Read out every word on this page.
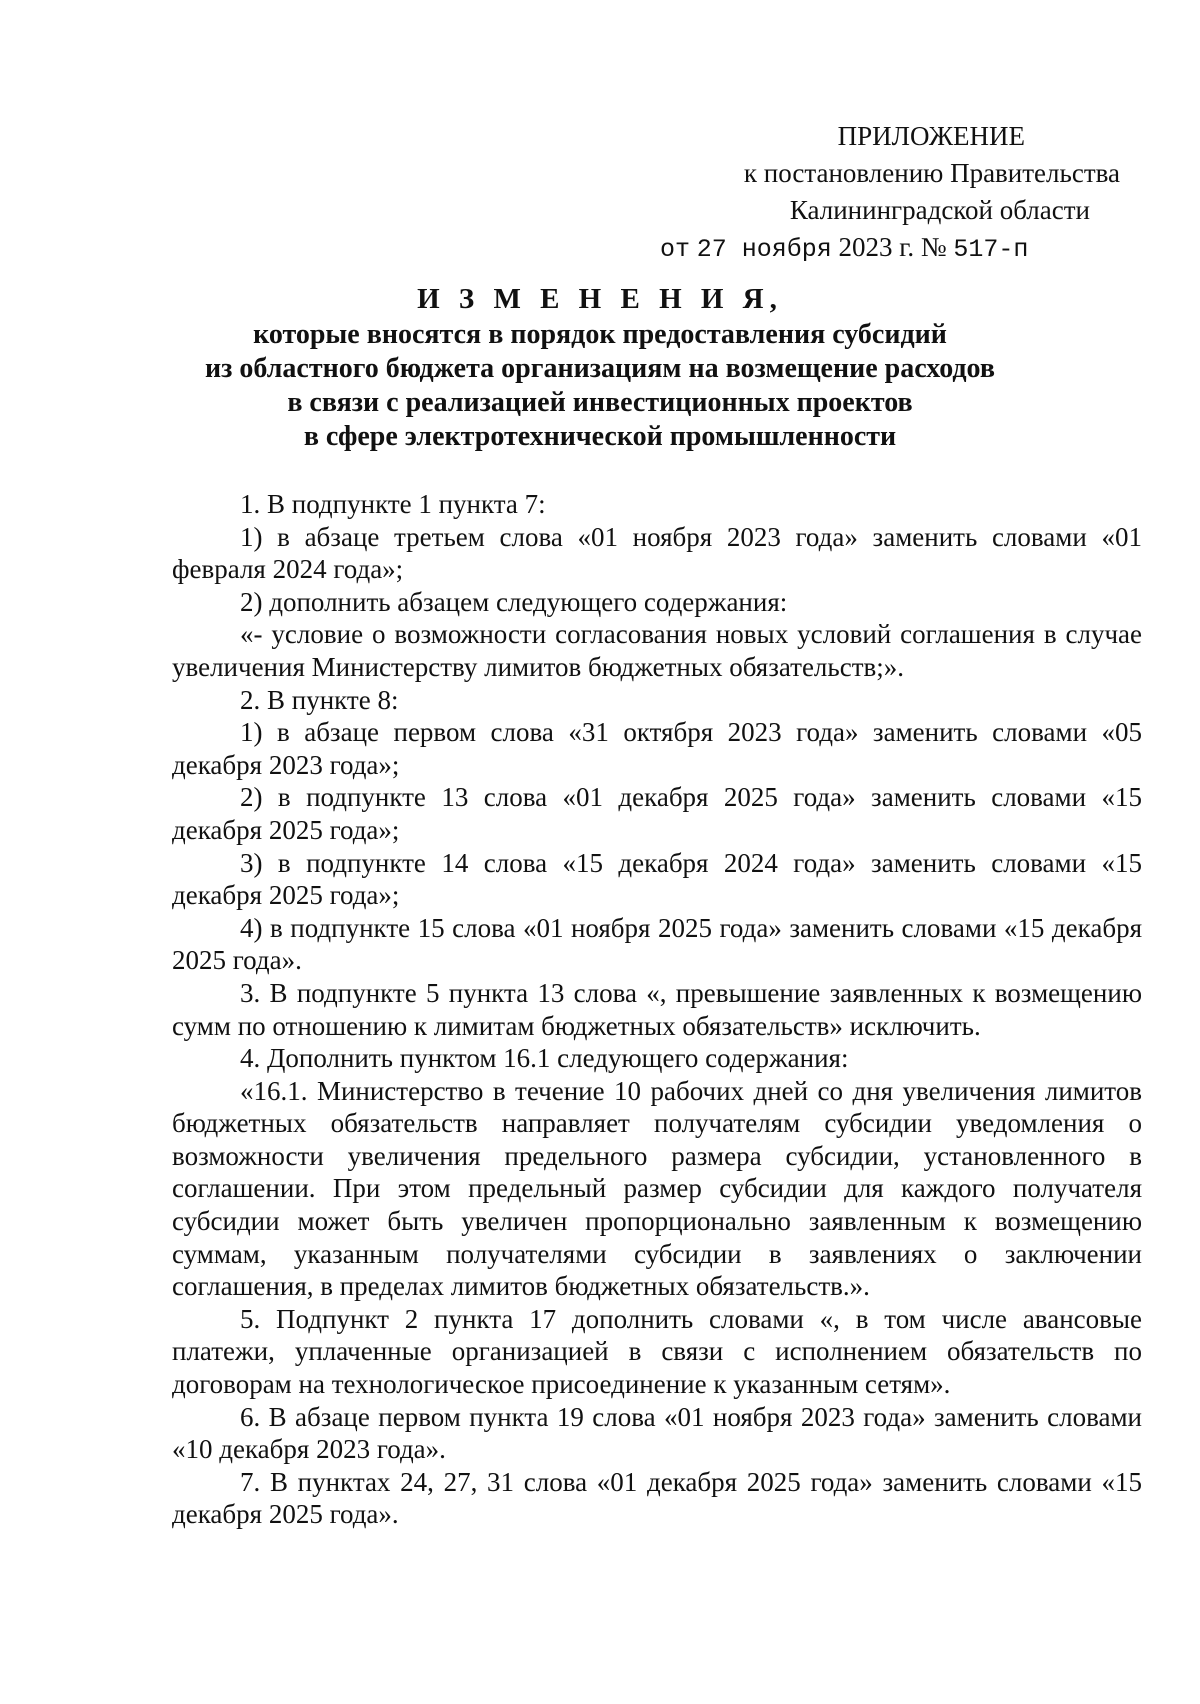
ПРИЛОЖЕНИЕ
к постановлению Правительства
Калининградской области
от 27 ноября 2023 г. № 517-п
И З М Е Н Е Н И Я,
которые вносятся в порядок предоставления субсидий
из областного бюджета организациям на возмещение расходов
в связи с реализацией инвестиционных проектов
в сфере электротехнической промышленности

1. В подпункте 1 пункта 7:

1) в абзаце третьем слова «01 ноября 2023 года» заменить словами «01 февраля 2024 года»;

2) дополнить абзацем следующего содержания:

«- условие о возможности согласования новых условий соглашения в случае увеличения Министерству лимитов бюджетных обязательств;».

2. В пункте 8:

1) в абзаце первом слова «31 октября 2023 года» заменить словами «05 декабря 2023 года»;

2) в подпункте 13 слова «01 декабря 2025 года» заменить словами «15 декабря 2025 года»;

3) в подпункте 14 слова «15 декабря 2024 года» заменить словами «15 декабря 2025 года»;

4) в подпункте 15 слова «01 ноября 2025 года» заменить словами «15 декабря 2025 года».

3. В подпункте 5 пункта 13 слова «, превышение заявленных к возмещению сумм по отношению к лимитам бюджетных обязательств» исключить.

4. Дополнить пунктом 16.1 следующего содержания:

«16.1. Министерство в течение 10 рабочих дней со дня увеличения лимитов бюджетных обязательств направляет получателям субсидии уведомления о возможности увеличения предельного размера субсидии, установленного в соглашении. При этом предельный размер субсидии для каждого получателя субсидии может быть увеличен пропорционально заявленным к возмещению суммам, указанным получателями субсидии в заявлениях о заключении соглашения, в пределах лимитов бюджетных обязательств.».

5. Подпункт 2 пункта 17 дополнить словами «, в том числе авансовые платежи, уплаченные организацией в связи с исполнением обязательств по договорам на технологическое присоединение к указанным сетям».

6. В абзаце первом пункта 19 слова «01 ноября 2023 года» заменить словами «10 декабря 2023 года».

7. В пунктах 24, 27, 31 слова «01 декабря 2025 года» заменить словами «15 декабря 2025 года».
